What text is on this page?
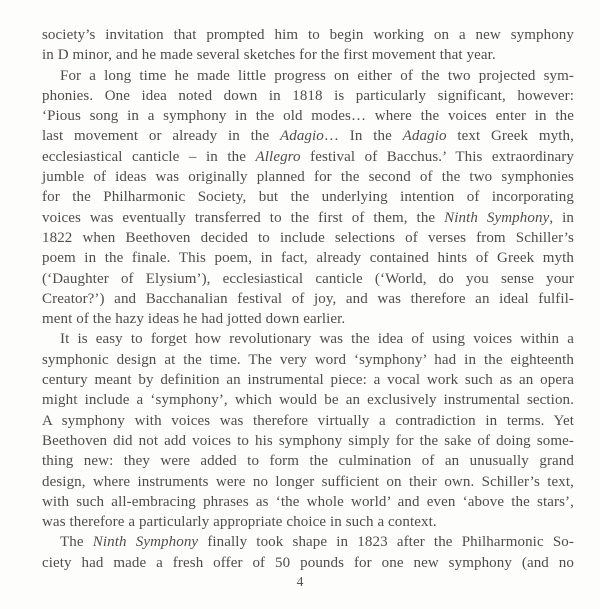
society’s invitation that prompted him to begin working on a new symphony
in D minor, and he made several sketches for the first movement that year.
For a long time he made little progress on either of the two projected sym-
phonies. One idea noted down in 1818 is particularly significant, however:
‘Pious song in a symphony in the old modes… where the voices enter in the
last movement or already in the Adagio… In the Adagio text Greek myth,
ecclesiastical canticle – in the Allegro festival of Bacchus.’ This extraordinary
jumble of ideas was originally planned for the second of the two symphonies
for the Philharmonic Society, but the underlying intention of incorporating
voices was eventually transferred to the first of them, the Ninth Symphony, in
1822 when Beethoven decided to include selections of verses from Schiller’s
poem in the finale. This poem, in fact, already contained hints of Greek myth
(‘Daughter of Elysium’), ecclesiastical canticle (‘World, do you sense your
Creator?’) and Bacchanalian festival of joy, and was therefore an ideal fulfil-
ment of the hazy ideas he had jotted down earlier.
It is easy to forget how revolutionary was the idea of using voices within a
symphonic design at the time. The very word ‘symphony’ had in the eighteenth
century meant by definition an instrumental piece: a vocal work such as an opera
might include a ‘symphony’, which would be an exclusively instrumental section.
A symphony with voices was therefore virtually a contradiction in terms. Yet
Beethoven did not add voices to his symphony simply for the sake of doing some-
thing new: they were added to form the culmination of an unusually grand
design, where instruments were no longer sufficient on their own. Schiller’s text,
with such all-embracing phrases as ‘the whole world’ and even ‘above the stars’,
was therefore a particularly appropriate choice in such a context.
The Ninth Symphony finally took shape in 1823 after the Philharmonic So-
ciety had made a fresh offer of 50 pounds for one new symphony (and no
4
